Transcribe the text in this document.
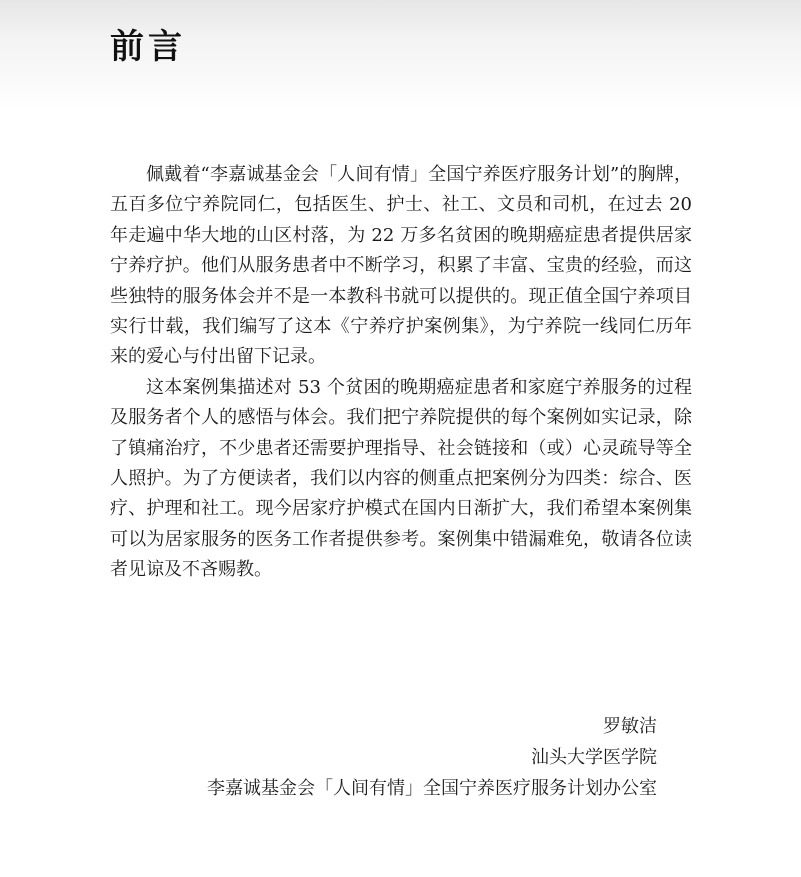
前言

佩戴着“李嘉诚基金会「人间有情」全国宁养医疗服务计划”的胸牌，五百多位宁养院同仁，包括医生、护士、社工、文员和司机，在过去 20 年走遍中华大地的山区村落，为 22 万多名贫困的晚期癌症患者提供居家宁养疗护。他们从服务患者中不断学习，积累了丰富、宝贵的经验，而这些独特的服务体会并不是一本教科书就可以提供的。现正值全国宁养项目实行廿载，我们编写了这本《宁养疗护案例集》，为宁养院一线同仁历年来的爱心与付出留下记录。

这本案例集描述对 53 个贫困的晚期癌症患者和家庭宁养服务的过程及服务者个人的感悟与体会。我们把宁养院提供的每个案例如实记录，除了镇痛治疗，不少患者还需要护理指导、社会链接和（或）心灵疏导等全人照护。为了方便读者，我们以内容的侧重点把案例分为四类：综合、医疗、护理和社工。现今居家疗护模式在国内日渐扩大，我们希望本案例集可以为居家服务的医务工作者提供参考。案例集中错漏难免，敬请各位读者见谅及不吝赐教。

罗敏洁
汕头大学医学院
李嘉诚基金会「人间有情」全国宁养医疗服务计划办公室
